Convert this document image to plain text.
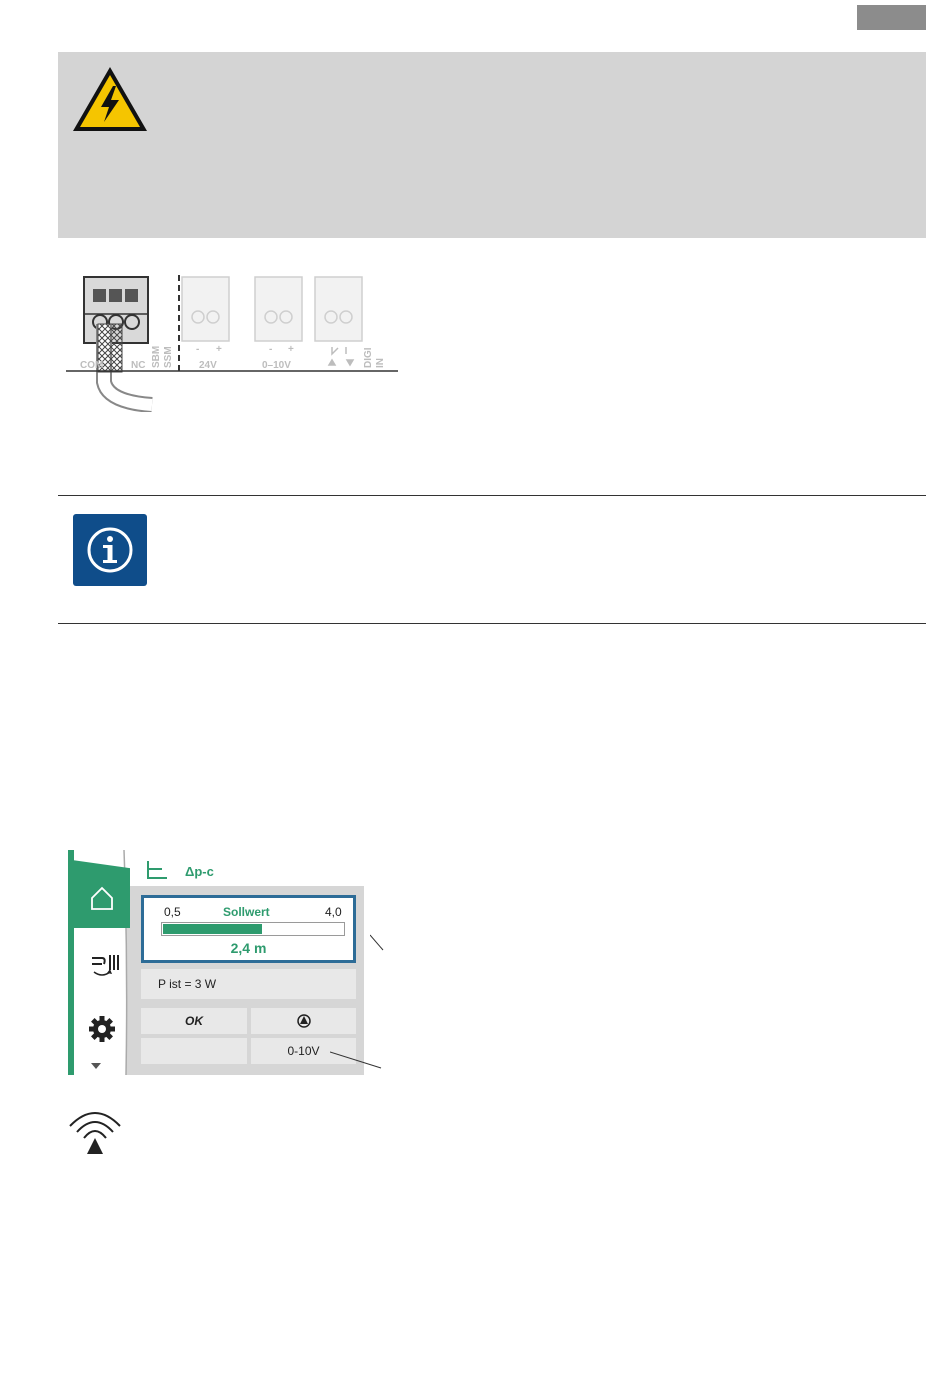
COM	NC SBM SSM - +	- +
24V	0–10V	DIGI IN
Δp-c
0,5	Sollwert	4,0
2,4 m
P ist = 3 W
OK
0-10V
